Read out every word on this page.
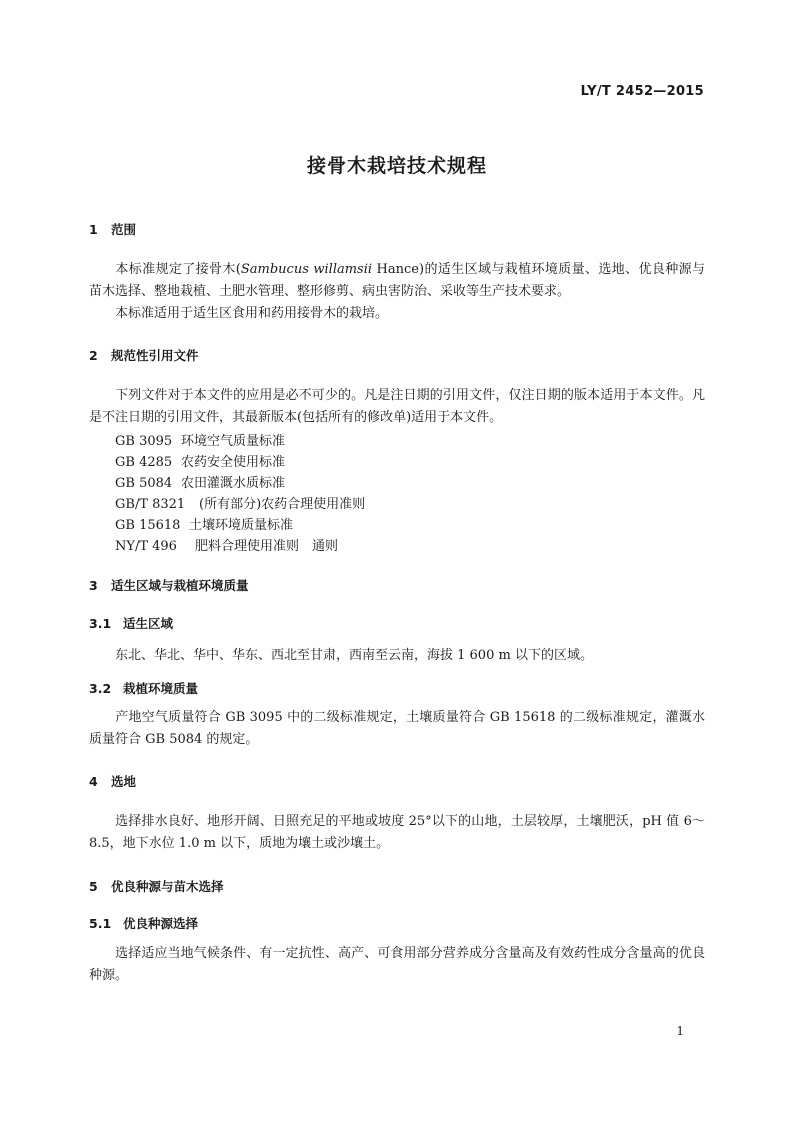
LY/T 2452—2015
接骨木栽培技术规程
1 范围

本标准规定了接骨木(Sambucus willamsii Hance)的适生区域与栽植环境质量、选地、优良种源与苗木选择、整地栽植、土肥水管理、整形修剪、病虫害防治、采收等生产技术要求。

本标准适用于适生区食用和药用接骨木的栽培。

2 规范性引用文件

下列文件对于本文件的应用是必不可少的。凡是注日期的引用文件，仅注日期的版本适用于本文件。凡是不注日期的引用文件，其最新版本(包括所有的修改单)适用于本文件。

GB 3095 环境空气质量标准
GB 4285 农药安全使用标准
GB 5084 农田灌溉水质标准
GB/T 8321 (所有部分)农药合理使用准则
GB 15618 土壤环境质量标准
NY/T 496 肥料合理使用准则　通则
3 适生区域与栽植环境质量
3.1 适生区域

东北、华北、华中、华东、西北至甘肃，西南至云南，海拔 1 600 m 以下的区域。

3.2 栽植环境质量

产地空气质量符合 GB 3095 中的二级标准规定，土壤质量符合 GB 15618 的二级标准规定，灌溉水质量符合 GB 5084 的规定。

4 选地

选择排水良好、地形开阔、日照充足的平地或坡度 25°以下的山地，土层较厚，土壤肥沃，pH 值 6～8.5，地下水位 1.0 m 以下，质地为壤土或沙壤土。

5 优良种源与苗木选择
5.1 优良种源选择

选择适应当地气候条件、有一定抗性、高产、可食用部分营养成分含量高及有效药性成分含量高的优良种源。

1
